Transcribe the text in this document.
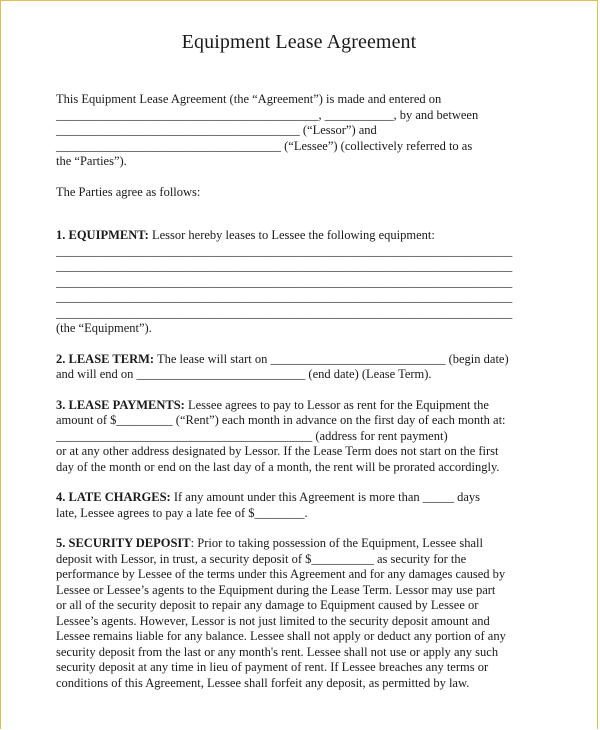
Equipment Lease Agreement
This Equipment Lease Agreement (the “Agreement”) is made and entered on
__________________________________________, ___________, by and between
_______________________________________ (“Lessor”) and
____________________________________ (“Lessee”) (collectively referred to as
the “Parties”).
The Parties agree as follows:
1. EQUIPMENT: Lessor hereby leases to Lessee the following equipment:
_________________________________________________________________________
_________________________________________________________________________
_________________________________________________________________________
_________________________________________________________________________
_________________________________________________________________________
(the “Equipment”).
2. LEASE TERM: The lease will start on ____________________________ (begin date)
and will end on ___________________________ (end date) (Lease Term).
3. LEASE PAYMENTS: Lessee agrees to pay to Lessor as rent for the Equipment the
amount of $_________ (“Rent”) each month in advance on the first day of each month at:
_________________________________________ (address for rent payment)
or at any other address designated by Lessor. If the Lease Term does not start on the first
day of the month or end on the last day of a month, the rent will be prorated accordingly.
4. LATE CHARGES: If any amount under this Agreement is more than _____ days
late, Lessee agrees to pay a late fee of $________.
5. SECURITY DEPOSIT: Prior to taking possession of the Equipment, Lessee shall
deposit with Lessor, in trust, a security deposit of $__________ as security for the
performance by Lessee of the terms under this Agreement and for any damages caused by
Lessee or Lessee’s agents to the Equipment during the Lease Term. Lessor may use part
or all of the security deposit to repair any damage to Equipment caused by Lessee or
Lessee’s agents. However, Lessor is not just limited to the security deposit amount and
Lessee remains liable for any balance. Lessee shall not apply or deduct any portion of any
security deposit from the last or any month's rent. Lessee shall not use or apply any such
security deposit at any time in lieu of payment of rent. If Lessee breaches any terms or
conditions of this Agreement, Lessee shall forfeit any deposit, as permitted by law.
